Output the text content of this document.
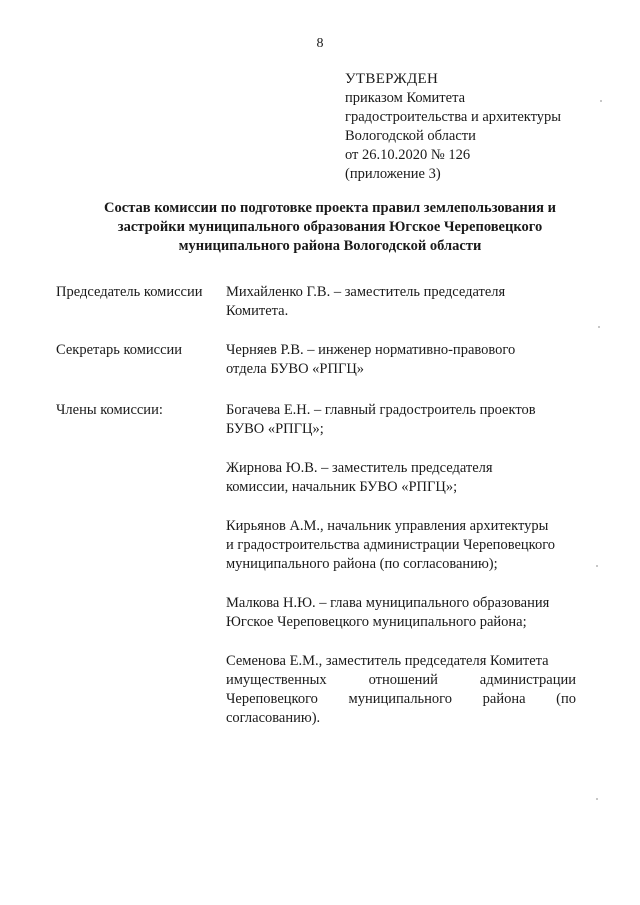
8
УТВЕРЖДЕН
приказом Комитета
градостроительства и архитектуры
Вологодской области
от 26.10.2020 № 126
(приложение 3)
Состав комиссии по подготовке проекта правил землепользования и
застройки муниципального образования Югское Череповецкого
муниципального района Вологодской области
Председатель комиссии	Михайленко Г.В. – заместитель председателя
Комитета.
Секретарь комиссии	Черняев Р.В. – инженер нормативно-правового
отдела БУВО «РПГЦ»
Члены комиссии:	Богачева Е.Н. – главный градостроитель проектов
БУВО «РПГЦ»;
Жирнова Ю.В. – заместитель председателя
комиссии, начальник БУВО «РПГЦ»;
Кирьянов А.М., начальник управления архитектуры
и градостроительства администрации Череповецкого
муниципального района (по согласованию);
Малкова Н.Ю. – глава муниципального образования
Югское Череповецкого муниципального района;
Семенова Е.М., заместитель председателя Комитета
имущественных отношений администрации
Череповецкого муниципального района (по
согласованию).
